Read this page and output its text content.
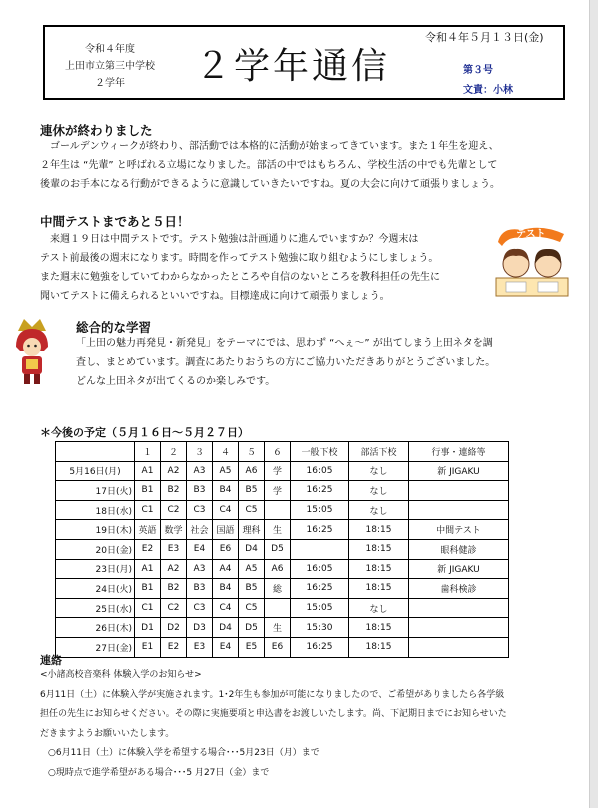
令和４年度
上田市立第三中学校
２学年	２学年通信
令和４年５月１３日(金)
第３号
文責：小林
連休が終わりました

ゴールデンウィークが終わり、部活動では本格的に活動が始まってきています。また１年生を迎え、

２年生は “先輩” と呼ばれる立場になりました。部活の中ではもちろん、学校生活の中でも先輩として

後輩のお手本になる行動ができるように意識していきたいですね。夏の大会に向けて頑張りましょう。

中間テストまであと５日！

来週１９日は中間テストです。テスト勉強は計画通りに進んでいますか？今週末は

テスト前最後の週末になります。時間を作ってテスト勉強に取り組むようにしましょう。

また週末に勉強をしていてわからなかったところや自信のないところを教科担任の先生に

聞いてテストに備えられるといいですね。目標達成に向けて頑張りましょう。

テスト
総合的な学習

「上田の魅力再発見・新発見」をテーマにでは、思わず “へぇ～” が出てしまう上田ネタを調

査し、まとめています。調査にあたりおうちの方にご協力いただきありがとうございました。

どんな上田ネタが出てくるのか楽しみです。

＊今後の予定（５月１６日～５月２７日）
	１	２	３	４	５	６	一般下校	部活下校	行事・連絡等
5月16日(月)	A1	A2	A3	A5	A6	学	16:05	なし	新 JIGAKU
17日(火)	B1	B2	B3	B4	B5	学	16:25	なし	
18日(水)	C1	C2	C3	C4	C5		15:05	なし	
19日(木)	英語	数学	社会	国語	理科	生	16:25	18:15	中間テスト
20日(金)	E2	E3	E4	E6	D4	D5		18:15	眼科健診
23日(月)	A1	A2	A3	A4	A5	A6	16:05	18:15	新 JIGAKU
24日(火)	B1	B2	B3	B4	B5	総	16:25	18:15	歯科検診
25日(水)	C1	C2	C3	C4	C5		15:05	なし	
26日(木)	D1	D2	D3	D4	D5	生	15:30	18:15	
27日(金)	E1	E2	E3	E4	E5	E6	16:25	18:15	
連絡

<小諸高校音楽科 体験入学のお知らせ>

6月11日（土）に体験入学が実施されます。1･2年生も参加が可能になりましたので、ご希望がありましたら各学級

担任の先生にお知らせください。その際に実施要項と申込書をお渡しいたします。尚、下記期日までにお知らせいた

だきますようお願いいたします。

○6月11日（土）に体験入学を希望する場合･･･5月23日（月）まで

○現時点で進学希望がある場合･･･5 月27日（金）まで
